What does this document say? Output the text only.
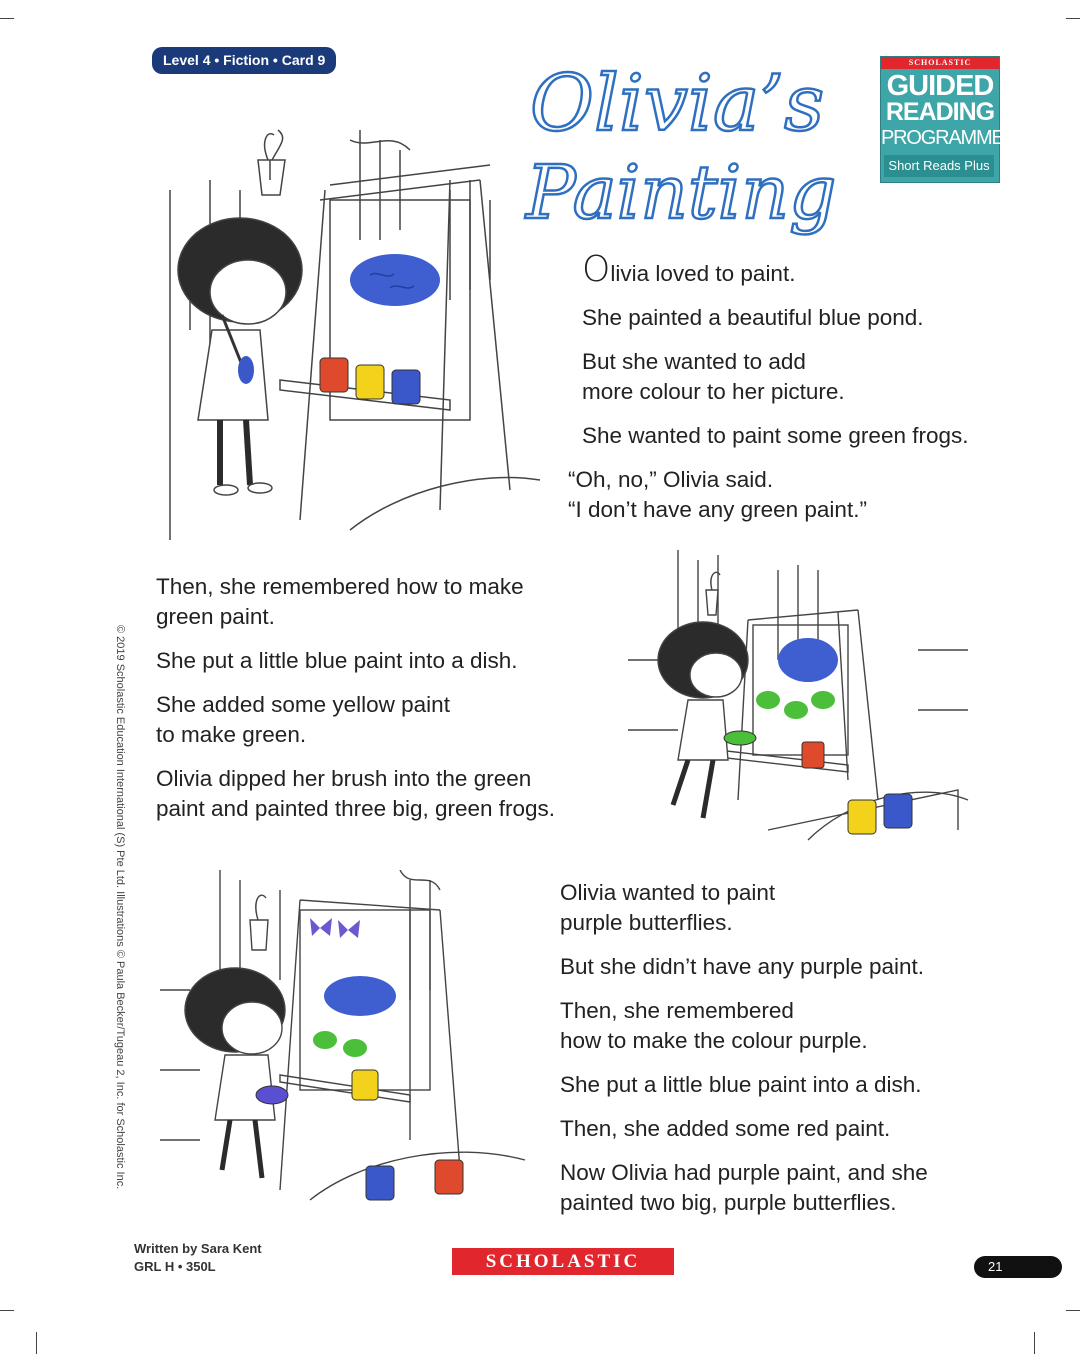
Level 4 • Fiction • Card 9	Olivia’s
Painting
SCHOLASTIC
GUIDED
READING
PROGRAMME
Short Reads Plus

Olivia loved to paint.

She painted a beautiful blue pond.

But she wanted to add
more colour to her picture.

She wanted to paint some green frogs.

“Oh, no,” Olivia said.
“I don’t have any green paint.”

Then, she remembered how to make
green paint.

She put a little blue paint into a dish.

She added some yellow paint
to make green.

Olivia dipped her brush into the green
paint and painted three big, green frogs.

Olivia wanted to paint
purple butterflies.

But she didn’t have any purple paint.

Then, she remembered
how to make the colour purple.

She put a little blue paint into a dish.

Then, she added some red paint.

Now Olivia had purple paint, and she
painted two big, purple butterflies.

© 2019 Scholastic Education International (S) Pte Ltd. Illustrations © Paula Becker/Tugeau 2, Inc. for Scholastic Inc.
Written by Sara Kent
GRL H • 350L	SCHOLASTIC	21
